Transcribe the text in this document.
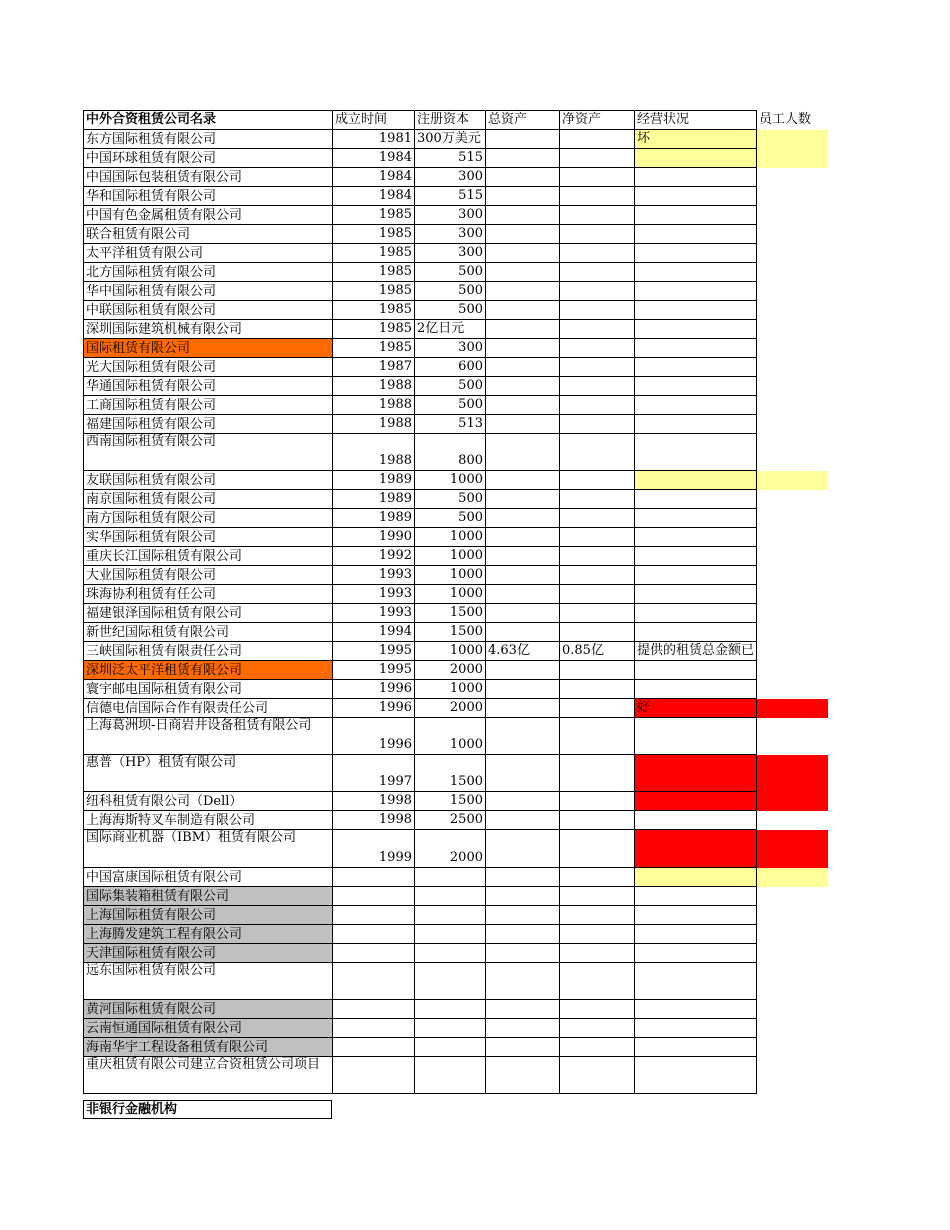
中外合资租赁公司名录	成立时间	注册资本	总资产	净资产	经营状况	员工人数
东方国际租赁有限公司	1981	300万美元			坏	
中国环球租赁有限公司	1984	515				
中国国际包装租赁有限公司	1984	300				
华和国际租赁有限公司	1984	515				
中国有色金属租赁有限公司	1985	300				
联合租赁有限公司	1985	300				
太平洋租赁有限公司	1985	300				
北方国际租赁有限公司	1985	500				
华中国际租赁有限公司	1985	500				
中联国际租赁有限公司	1985	500				
深圳国际建筑机械有限公司	1985	2亿日元				
国际租赁有限公司	1985	300				
光大国际租赁有限公司	1987	600				
华通国际租赁有限公司	1988	500				
工商国际租赁有限公司	1988	500				
福建国际租赁有限公司	1988	513				
西南国际租赁有限公司	1988	800				
友联国际租赁有限公司	1989	1000				
南京国际租赁有限公司	1989	500				
南方国际租赁有限公司	1989	500				
实华国际租赁有限公司	1990	1000				
重庆长江国际租赁有限公司	1992	1000				
大业国际租赁有限公司	1993	1000				
珠海协利租赁有任公司	1993	1000				
福建银泽国际租赁有限公司	1993	1500				
新世纪国际租赁有限公司	1994	1500				
三峡国际租赁有限责任公司	1995	1000	4.63亿	0.85亿	提供的租赁总金额已	
深圳泛太平洋租赁有限公司	1995	2000				
寰宇邮电国际租赁有限公司	1996	1000				
信德电信国际合作有限责任公司	1996	2000			好	
上海葛洲坝-日商岩井设备租赁有限公司	1996	1000				
惠普（HP）租赁有限公司	1997	1500				
纽科租赁有限公司（Dell）	1998	1500				
上海海斯特叉车制造有限公司	1998	2500				
国际商业机器（IBM）租赁有限公司	1999	2000				
中国富康国际租赁有限公司						
国际集装箱租赁有限公司						
上海国际租赁有限公司						
上海腾发建筑工程有限公司						
天津国际租赁有限公司						
远东国际租赁有限公司						
黄河国际租赁有限公司						
云南恒通国际租赁有限公司						
海南华宇工程设备租赁有限公司						
重庆租赁有限公司建立合资租赁公司项目						
非银行金融机构
